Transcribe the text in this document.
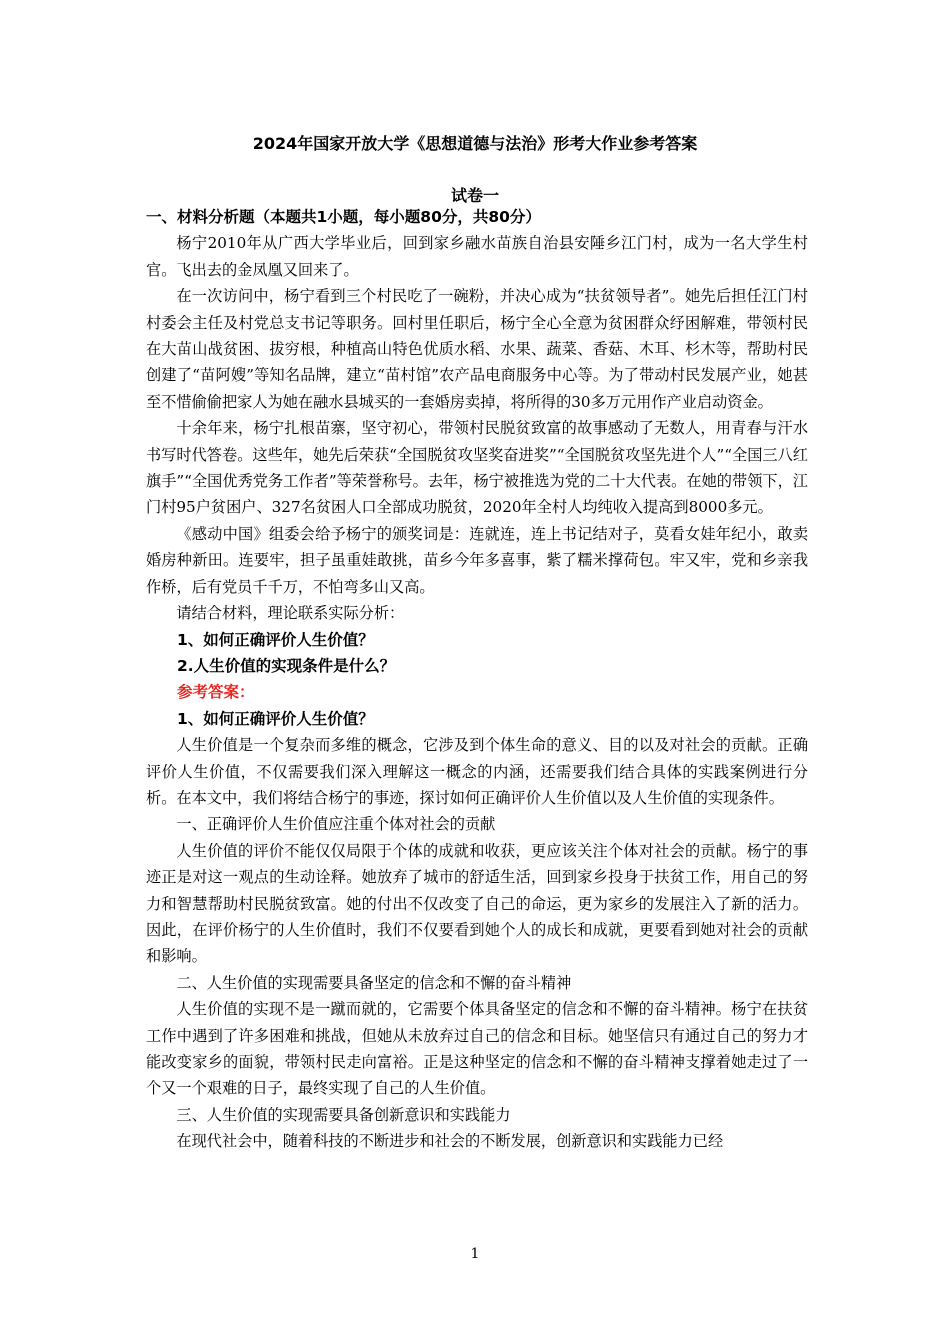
2024年国家开放大学《思想道德与法治》形考大作业参考答案
试卷一

一、材料分析题（本题共1小题，每小题80分，共80分）

杨宁2010年从广西大学毕业后，回到家乡融水苗族自治县安陲乡江门村，成为一名大学生村官。飞出去的金凤凰又回来了。

在一次访问中，杨宁看到三个村民吃了一碗粉，并决心成为“扶贫领导者”。她先后担任江门村村委会主任及村党总支书记等职务。回村里任职后，杨宁全心全意为贫困群众纾困解难，带领村民在大苗山战贫困、拔穷根，种植高山特色优质水稻、水果、蔬菜、香菇、木耳、杉木等，帮助村民创建了“苗阿嫂”等知名品牌，建立“苗村馆”农产品电商服务中心等。为了带动村民发展产业，她甚至不惜偷偷把家人为她在融水县城买的一套婚房卖掉，将所得的30多万元用作产业启动资金。

十余年来，杨宁扎根苗寨，坚守初心，带领村民脱贫致富的故事感动了无数人，用青春与汗水书写时代答卷。这些年，她先后荣获“全国脱贫攻坚奖奋进奖”“全国脱贫攻坚先进个人”“全国三八红旗手”“全国优秀党务工作者”等荣誉称号。去年，杨宁被推选为党的二十大代表。在她的带领下，江门村95户贫困户、327名贫困人口全部成功脱贫，2020年全村人均纯收入提高到8000多元。

《感动中国》组委会给予杨宁的颁奖词是：连就连，连上书记结对子，莫看女娃年纪小，敢卖婚房种新田。连要牢，担子虽重娃敢挑，苗乡今年多喜事，紫了糯米撑荷包。牢又牢，党和乡亲我作桥，后有党员千千万，不怕弯多山又高。

请结合材料，理论联系实际分析：

1、如何正确评价人生价值？

2.人生价值的实现条件是什么？

参考答案：

1、如何正确评价人生价值？

人生价值是一个复杂而多维的概念，它涉及到个体生命的意义、目的以及对社会的贡献。正确评价人生价值，不仅需要我们深入理解这一概念的内涵，还需要我们结合具体的实践案例进行分析。在本文中，我们将结合杨宁的事迹，探讨如何正确评价人生价值以及人生价值的实现条件。

一、正确评价人生价值应注重个体对社会的贡献

人生价值的评价不能仅仅局限于个体的成就和收获，更应该关注个体对社会的贡献。杨宁的事迹正是对这一观点的生动诠释。她放弃了城市的舒适生活，回到家乡投身于扶贫工作，用自己的努力和智慧帮助村民脱贫致富。她的付出不仅改变了自己的命运，更为家乡的发展注入了新的活力。因此，在评价杨宁的人生价值时，我们不仅要看到她个人的成长和成就，更要看到她对社会的贡献和影响。

二、人生价值的实现需要具备坚定的信念和不懈的奋斗精神

人生价值的实现不是一蹴而就的，它需要个体具备坚定的信念和不懈的奋斗精神。杨宁在扶贫工作中遇到了许多困难和挑战，但她从未放弃过自己的信念和目标。她坚信只有通过自己的努力才能改变家乡的面貌，带领村民走向富裕。正是这种坚定的信念和不懈的奋斗精神支撑着她走过了一个又一个艰难的日子，最终实现了自己的人生价值。

三、人生价值的实现需要具备创新意识和实践能力

在现代社会中，随着科技的不断进步和社会的不断发展，创新意识和实践能力已经

1
